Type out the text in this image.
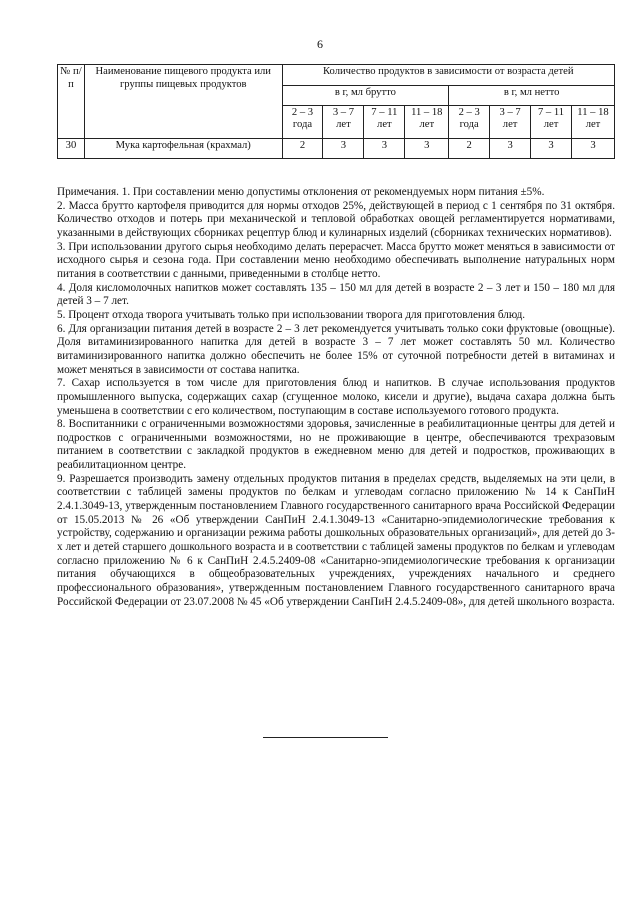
6
№ п/п	Наименование пищевого продукта или группы пищевых продуктов	Количество продуктов в зависимости от возраста детей							
		в г, мл брутто				в г, мл нетто			
		2 – 3 года	3 – 7 лет	7 – 11 лет	11 – 18 лет	2 – 3 года	3 – 7 лет	7 – 11 лет	11 – 18 лет
30	Мука картофельная (крахмал)	2	3	3	3	2	3	3	3

Примечания. 1. При составлении меню допустимы отклонения от рекомендуемых норм питания ±5%.

2. Масса брутто картофеля приводится для нормы отходов 25%, действующей в период с 1 сентября по 31 октября. Количество отходов и потерь при механической и тепловой обработках овощей регламентируется нормативами, указанными в действующих сборниках рецептур блюд и кулинарных изделий (сборниках технических нормативов).

3. При использовании другого сырья необходимо делать перерасчет. Масса брутто может меняться в зависимости от исходного сырья и сезона года. При составлении меню необходимо обеспечивать выполнение натуральных норм питания в соответствии с данными, приведенными в столбце нетто.

4. Доля кисломолочных напитков может составлять 135 – 150 мл для детей в возрасте 2 – 3 лет и 150 – 180 мл для детей 3 – 7 лет.

5. Процент отхода творога учитывать только при использовании творога для приготовления блюд.

6. Для организации питания детей в возрасте 2 – 3 лет рекомендуется учитывать только соки фруктовые (овощные). Доля витаминизированного напитка для детей в возрасте 3 – 7 лет может составлять 50 мл. Количество витаминизированного напитка должно обеспечить не более 15% от суточной потребности детей в витаминах и может меняться в зависимости от состава напитка.

7. Сахар используется в том числе для приготовления блюд и напитков. В случае использования продуктов промышленного выпуска, содержащих сахар (сгущенное молоко, кисели и другие), выдача сахара должна быть уменьшена в соответствии с его количеством, поступающим в составе используемого готового продукта.

8. Воспитанники с ограниченными возможностями здоровья, зачисленные в реабилитационные центры для детей и подростков с ограниченными возможностями, но не проживающие в центре, обеспечиваются трехразовым питанием в соответствии с закладкой продуктов в ежедневном меню для детей и подростков, проживающих в реабилитационном центре.

9. Разрешается производить замену отдельных продуктов питания в пределах средств, выделяемых на эти цели, в соответствии с таблицей замены продуктов по белкам и углеводам согласно приложению № 14 к СанПиН 2.4.1.3049-13, утвержденным постановлением Главного государственного санитарного врача Российской Федерации от 15.05.2013 № 26 «Об утверждении СанПиН 2.4.1.3049-13 «Санитарно-эпидемиологические требования к устройству, содержанию и организации режима работы дошкольных образовательных организаций», для детей до 3-х лет и детей старшего дошкольного возраста и в соответствии с таблицей замены продуктов по белкам и углеводам согласно приложению № 6 к СанПиН 2.4.5.2409-08 «Санитарно-эпидемиологические требования к организации питания обучающихся в общеобразовательных учреждениях, учреждениях начального и среднего профессионального образования», утвержденным постановлением Главного государственного санитарного врача Российской Федерации от 23.07.2008 № 45 «Об утверждении СанПиН 2.4.5.2409-08», для детей школьного возраста.
